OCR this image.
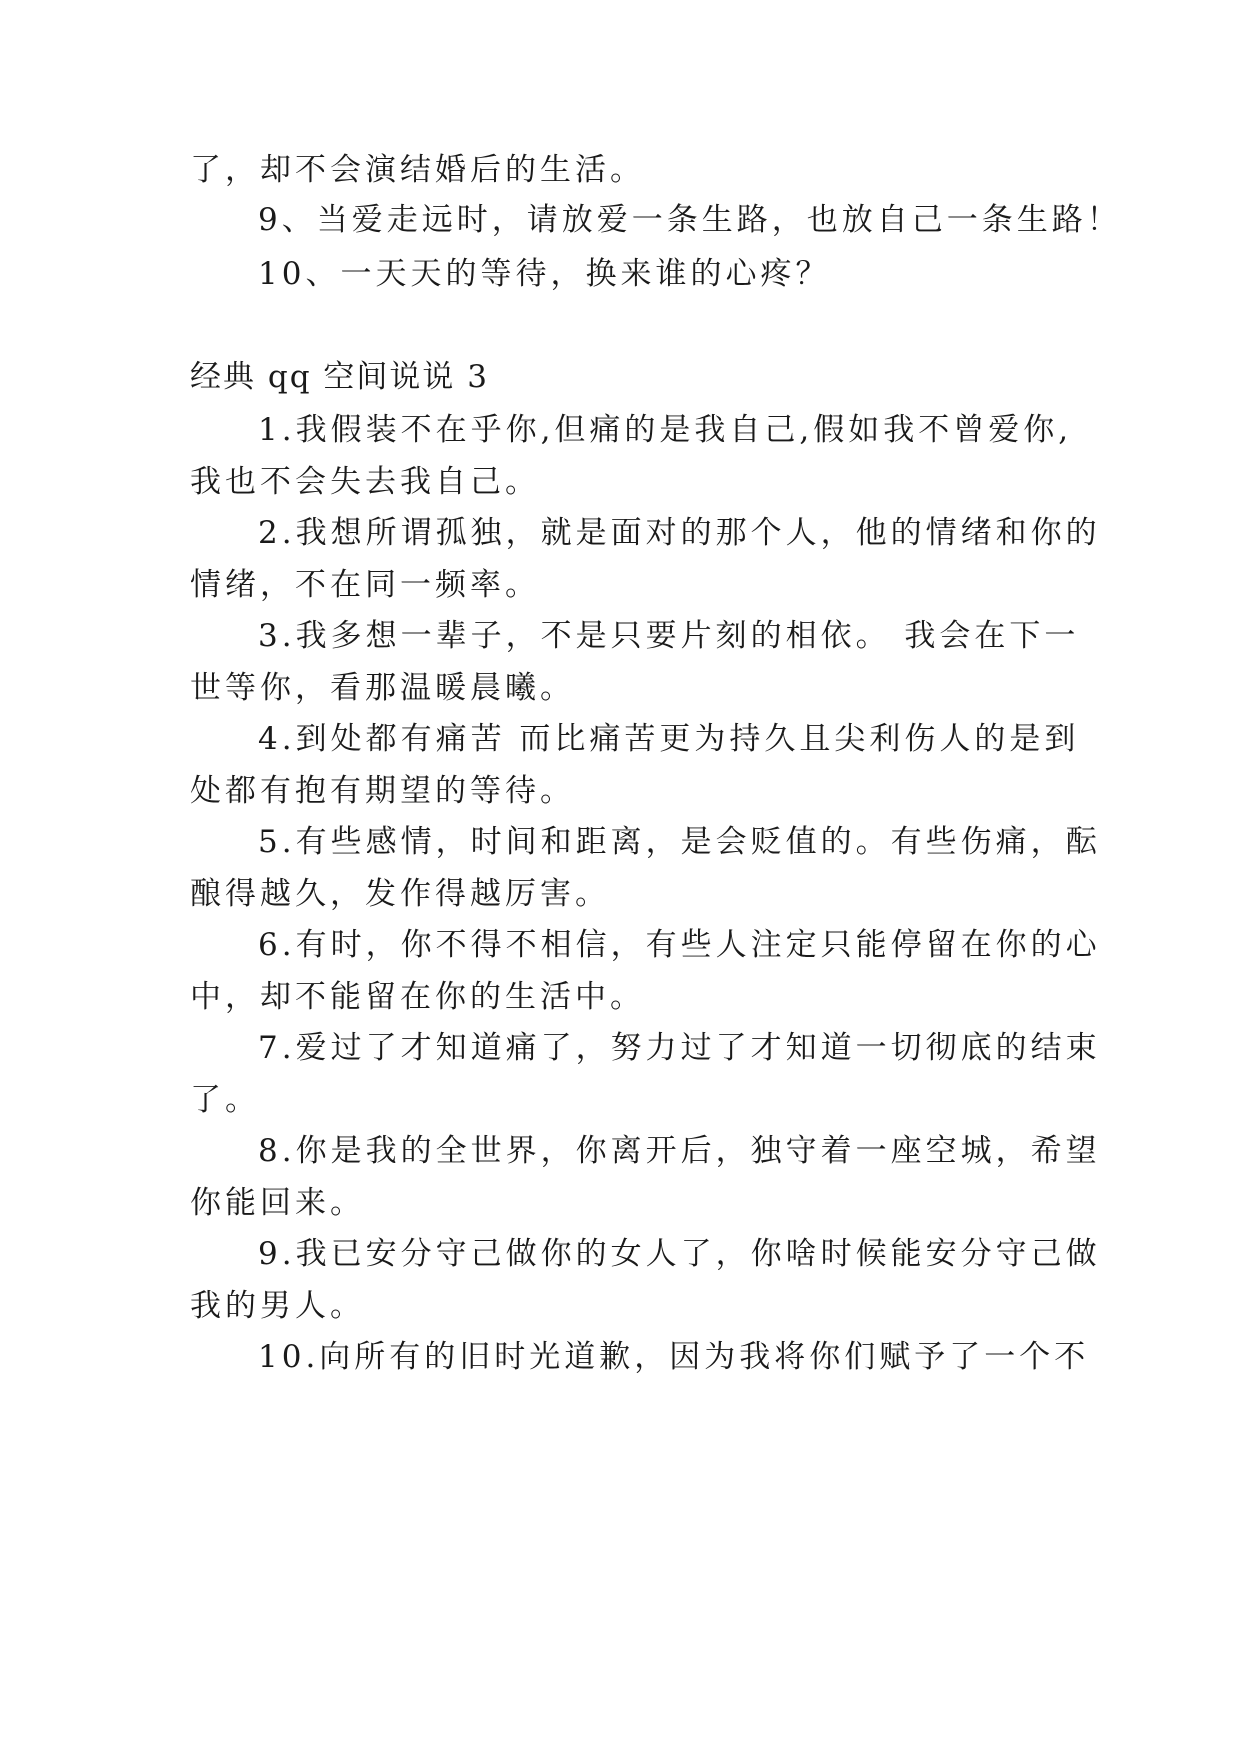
了，却不会演结婚后的生活。
9、当爱走远时，请放爱一条生路，也放自己一条生路！
10、一天天的等待，换来谁的心疼？
经典 qq 空间说说 3
1.我假装不在乎你,但痛的是我自己,假如我不曾爱你,
我也不会失去我自己。
2.我想所谓孤独，就是面对的那个人，他的情绪和你的
情绪，不在同一频率。
3.我多想一辈子，不是只要片刻的相依。 我会在下一
世等你，看那温暖晨曦。
4.到处都有痛苦 而比痛苦更为持久且尖利伤人的是到
处都有抱有期望的等待。
5.有些感情，时间和距离，是会贬值的。有些伤痛，酝
酿得越久，发作得越厉害。
6.有时，你不得不相信，有些人注定只能停留在你的心
中，却不能留在你的生活中。
7.爱过了才知道痛了，努力过了才知道一切彻底的结束
了。
8.你是我的全世界，你离开后，独守着一座空城，希望
你能回来。
9.我已安分守己做你的女人了，你啥时候能安分守己做
我的男人。
10.向所有的旧时光道歉，因为我将你们赋予了一个不
